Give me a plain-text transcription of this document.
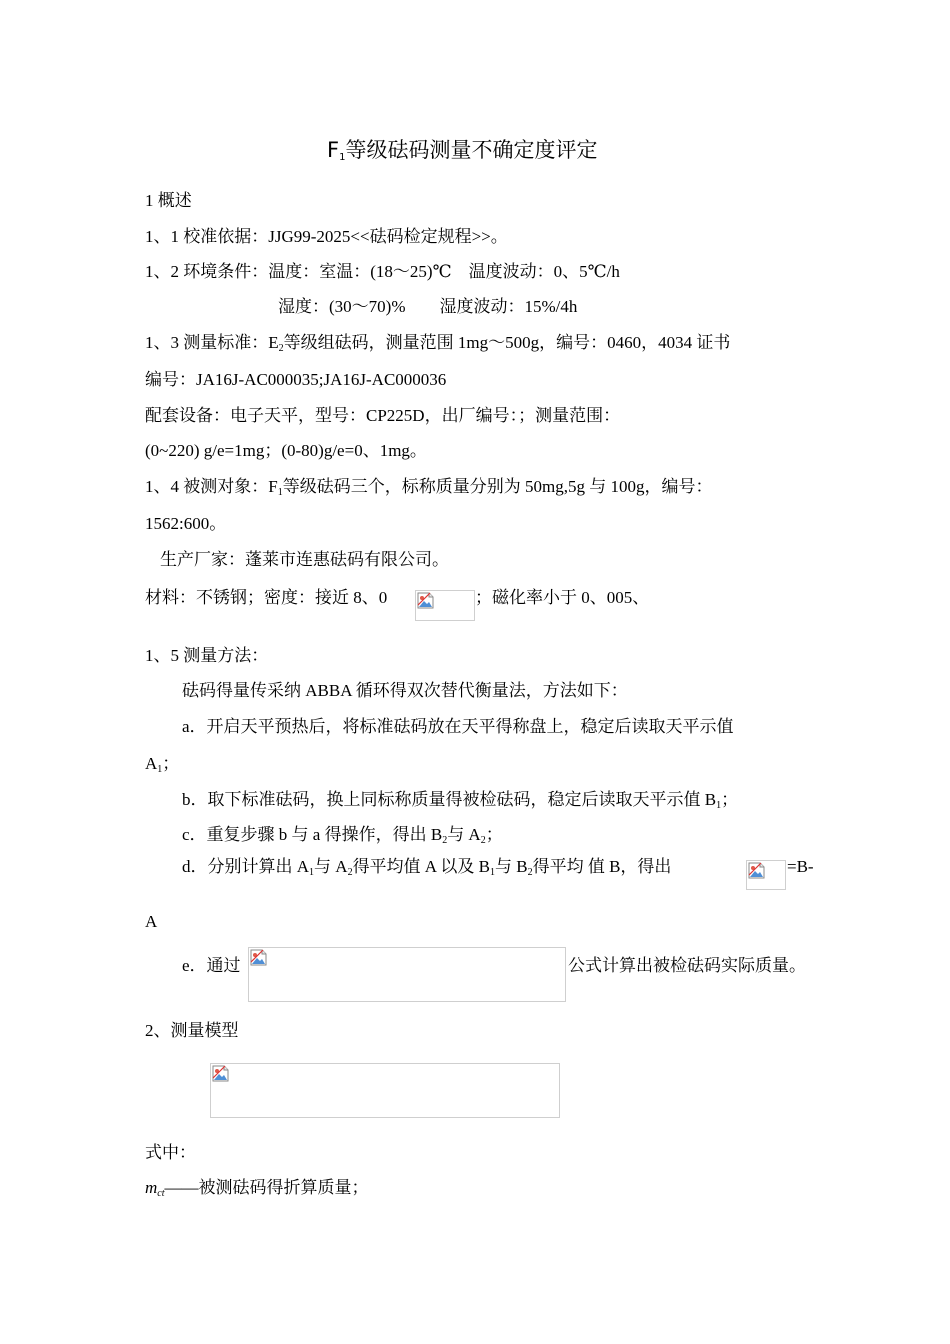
$F_1$等级砝码测量不确定度评定
1 概述
1、1 校准依据：JJG99-2025<<砝码检定规程>>。
1、2 环境条件：温度：室温：(18～25)℃　温度波动：0、5℃/h
湿度：(30～70)%　　湿度波动：15%/4h
1、3 测量标准：$E_2$等级组砝码，测量范围 1mg～500g，编号：0460，4034 证书
编号：JA16J-AC000035;JA16J-AC000036
配套设备：电子天平，型号：CP225D，出厂编号：；测量范围：
(0~220) g/e=1mg；(0-80)g/e=0、1mg。
1、4 被测对象：$F_1$等级砝码三个，标称质量分别为 50mg,5g 与 100g，编号：
1562:600。
生产厂家：蓬莱市连惠砝码有限公司。
材料：不锈钢；密度：接近 8、0	；磁化率小于 0、005、
1、5 测量方法：
砝码得量传采纳 ABBA 循环得双次替代衡量法，方法如下：
a．开启天平预热后，将标准砝码放在天平得称盘上，稳定后读取天平示值
$A_1$；
b．取下标准砝码，换上同标称质量得被检砝码，稳定后读取天平示值 $B_1$；
c．重复步骤 b 与 a 得操作，得出 $B_2$与 $A_2$；
d．分别计算出 $A_1$与 $A_2$得平均值 A 以及 $B_1$与 $B_2$得平均 值 B，得出	=B-
A
e．通过	公式计算出被检砝码实际质量。
2、测量模型
式中：
$m_{ct}——$被测砝码得折算质量；
